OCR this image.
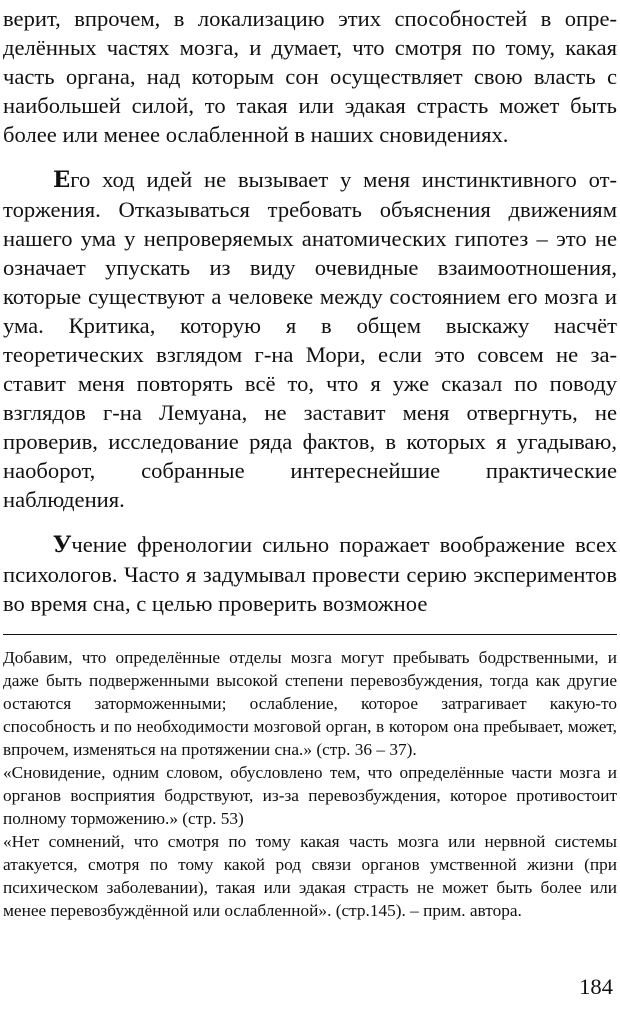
верит, впрочем, в локализацию этих способностей в определённых частях мозга, и думает, что смотря по тому, какая часть органа, над которым сон осуществляет свою власть с наибольшей силой, то такая или эдакая страсть может быть более или менее ослабленной в наших сновидениях.

Его ход идей не вызывает у меня инстинктивного отторжения. Отказываться требовать объяснения движениям нашего ума у непроверяемых анатомических гипотез – это не означает упускать из виду очевидные взаимоотношения, которые существуют а человеке между состоянием его мозга и ума. Критика, которую я в общем выскажу насчёт теоретических взглядом г-на Мори, если это совсем не заставит меня повторять всё то, что я уже сказал по поводу взглядов г-на Лемуана, не заставит меня отвергнуть, не проверив, исследование ряда фактов, в которых я угадываю, наоборот, собранные интереснейшие практические наблюдения.

Учение френологии сильно поражает воображение всех психологов. Часто я задумывал провести серию экспериментов во время сна, с целью проверить возможное

Добавим, что определённые отделы мозга могут пребывать бодрственными, и даже быть подверженными высокой степени перевозбуждения, тогда как другие остаются заторможенными; ослабление, которое затрагивает какую-то способность и по необходимости мозговой орган, в котором она пребывает, может, впрочем, изменяться на протяжении сна.» (стр. 36 – 37).

«Сновидение, одним словом, обусловлено тем, что определённые части мозга и органов восприятия бодрствуют, из-за перевозбуждения, которое противостоит полному торможению.» (стр. 53)

«Нет сомнений, что смотря по тому какая часть мозга или нервной системы атакуется, смотря по тому какой род связи органов умственной жизни (при психическом заболевании), такая или эдакая страсть не может быть более или менее перевозбуждённой или ослабленной». (стр.145). – прим. автора.

184
